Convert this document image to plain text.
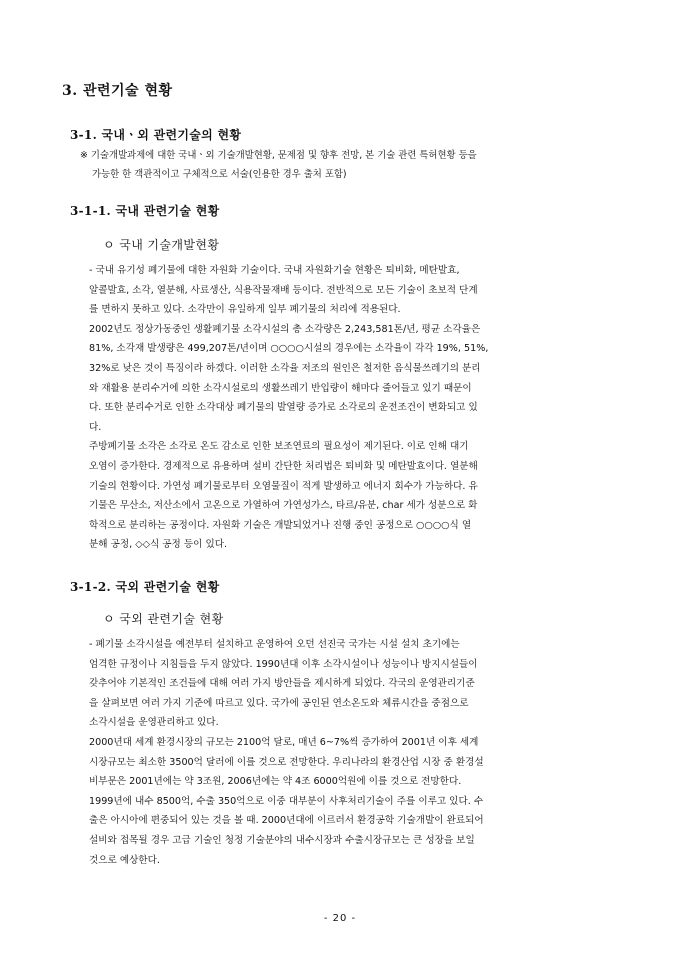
3. 관련기술 현황
3-1. 국내ㆍ외 관련기술의 현황
※ 기술개발과제에 대한 국내ㆍ외 기술개발현황, 문제점 및 향후 전망, 본 기술 관련 특허현황 등을
가능한 한 객관적이고 구체적으로 서술(인용한 경우 출처 포함)
3-1-1. 국내 관련기술 현황
ㅇ 국내 기술개발현황
- 국내 유기성 폐기물에 대한 자원화 기술이다. 국내 자원화기술 현황은 퇴비화, 메탄발효,
알콜발효, 소각, 열분해, 사료생산, 식용작물재배 등이다. 전반적으로 모든 기술이 초보적 단계
를 면하지 못하고 있다. 소각만이 유일하게 일부 폐기물의 처리에 적용된다.
2002년도 정상가동중인 생활폐기물 소각시설의 총 소각량은 2,243,581톤/년, 평균 소각율은
81%, 소각재 발생량은 499,207톤/년이며 ○○○○시설의 경우에는 소각율이 각각 19%, 51%,
32%로 낮은 것이 특징이라 하겠다. 이러한 소각율 저조의 원인은 철저한 음식물쓰레기의 분리
와 재활용 분리수거에 의한 소각시설로의 생활쓰레기 반입량이 해마다 줄어들고 있기 때문이
다. 또한 분리수거로 인한 소각대상 폐기물의 발열량 증가로 소각로의 운전조건이 변화되고 있
다.
주방폐기물 소각은 소각로 온도 감소로 인한 보조연료의 필요성이 제기된다. 이로 인해 대기
오염이 증가한다. 경제적으로 유용하며 설비 간단한 처리법은 퇴비화 및 메탄발효이다. 열분해
기술의 현황이다. 가연성 폐기물로부터 오염물질이 적게 발생하고 에너지 회수가 가능하다. 유
기물은 무산소, 저산소에서 고온으로 가열하여 가연성가스, 타르/유분, char 세가 성분으로 화
학적으로 분리하는 공정이다. 자원화 기술은 개발되었거나 진행 중인 공정으로 ○○○○식 열
분해 공정, ◇◇식 공정 등이 있다.
3-1-2. 국외 관련기술 현황
ㅇ 국외 관련기술 현황
- 폐기물 소각시설을 예전부터 설치하고 운영하여 오던 선진국 국가는 시설 설치 초기에는
엄격한 규정이나 지침들을 두지 않았다. 1990년대 이후 소각시설이나 성능이나 방지시설들이
갖추어야 기본적인 조건들에 대해 여러 가지 방안들을 제시하게 되었다. 각국의 운영관리기준
을 살펴보면 여러 가지 기준에 따르고 있다. 국가에 공인된 연소온도와 체류시간을 중점으로
소각시설을 운영관리하고 있다.
2000년대 세계 환경시장의 규모는 2100억 달로, 매년 6~7%씩 증가하여 2001년 이후 세계
시장규모는 최소한 3500억 달러에 이를 것으로 전망한다. 우리나라의 환경산업 시장 중 환경설
비부문은 2001년에는 약 3조원, 2006년에는 약 4조 6000억원에 이를 것으로 전망한다.
1999년에 내수 8500억, 수출 350억으로 이중 대부분이 사후처리기술이 주를 이루고 있다. 수
출은 아시아에 편중되어 있는 것을 볼 때. 2000년대에 이르러서 환경공학 기술개발이 완료되어
설비와 접목될 경우 고급 기술인 청정 기술분야의 내수시장과 수출시장규모는 큰 성장을 보일
것으로 예상한다.
- 20 -
